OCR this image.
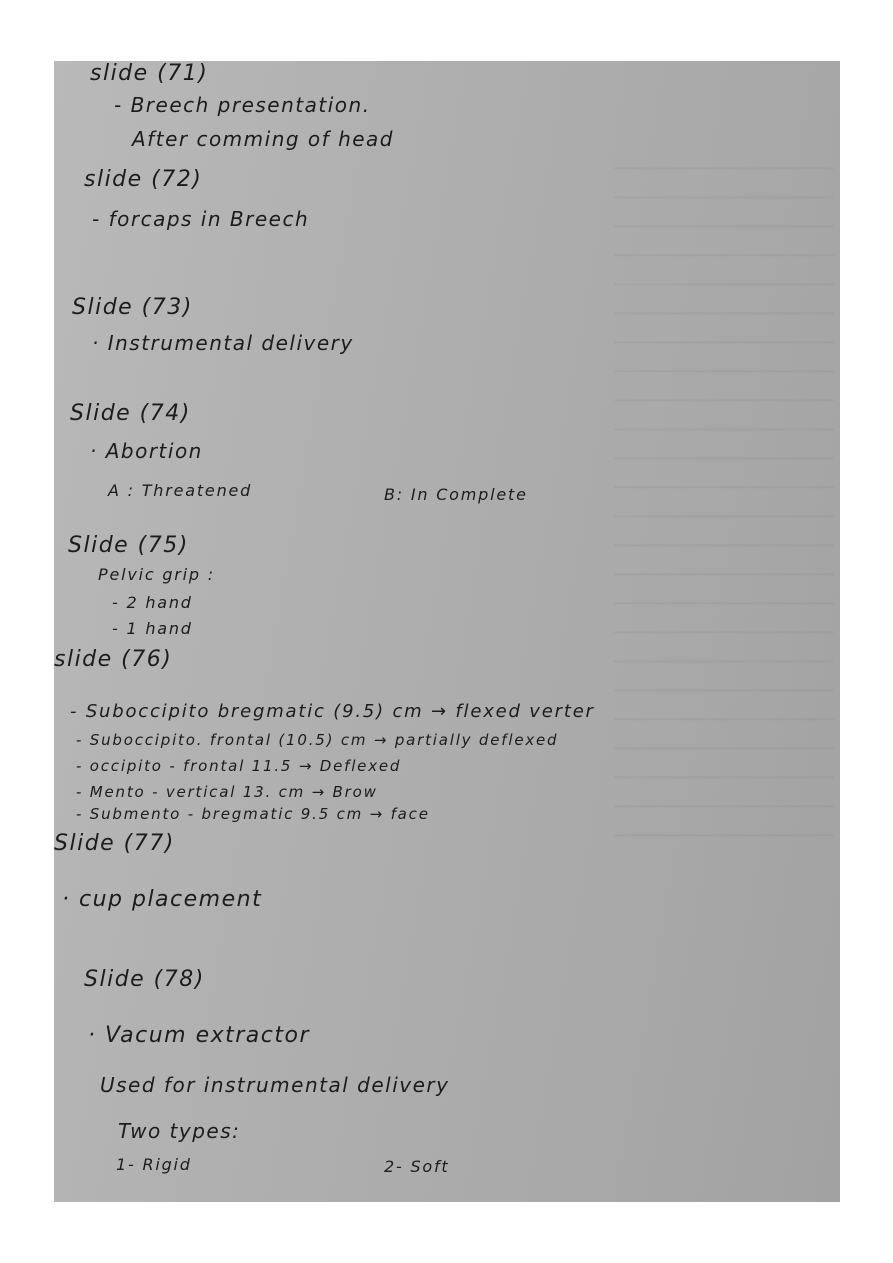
slide (71)
- Breech presentation.
After comming of head
slide (72)
- forcaps in Breech
Slide (73)
· Instrumental delivery
Slide (74)
· Abortion
A : Threatened	B: In Complete
Slide (75)
Pelvic grip :
- 2 hand
- 1 hand
slide (76)
- Suboccipito bregmatic (9.5) cm → flexed verter
- Suboccipito. frontal (10.5) cm → partially deflexed
- occipito - frontal 11.5 → Deflexed
- Mento - vertical 13. cm → Brow
- Submento - bregmatic 9.5 cm → face
Slide (77)
· cup placement
Slide (78)
· Vacum extractor
Used for instrumental delivery
Two types:
1- Rigid	2- Soft
